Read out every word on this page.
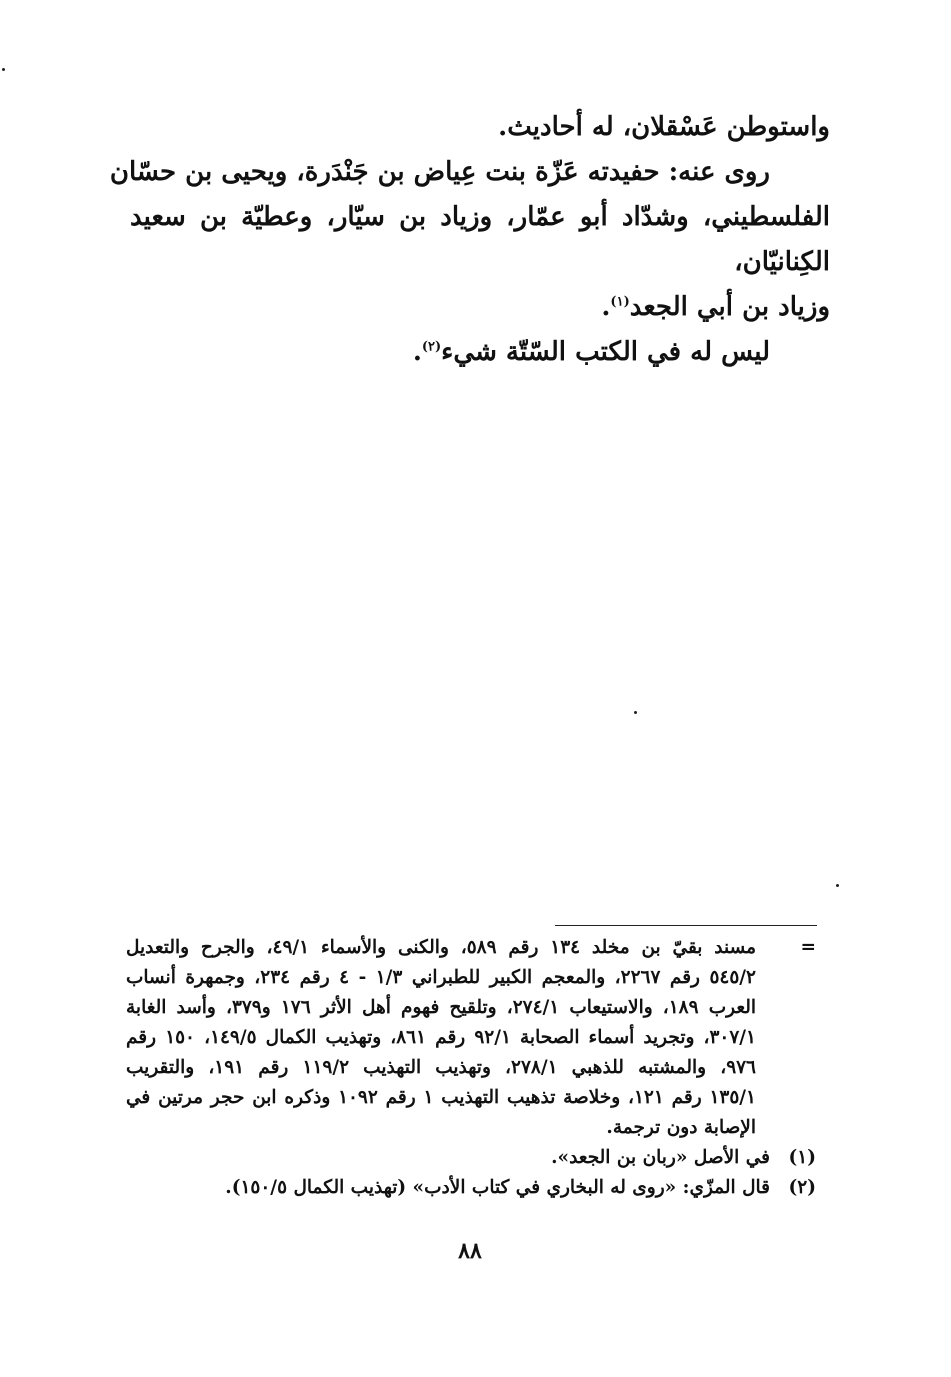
واستوطن عَسْقلان، له أحاديث.

روى عنه: حفيدته عَزّة بنت عِياض بن جَنْدَرة، ويحيى بن حسّان

الفلسطيني، وشدّاد أبو عمّار، وزياد بن سيّار، وعطيّة بن سعيد الكِنانيّان،

وزياد بن أبي الجعد$^{(١)}$.

ليس له في الكتب السّتّة شيء$^{(٢)}$.

=

مسند بقيّ بن مخلد ١٣٤ رقم ٥٨٩، والكنى والأسماء ٤٩/١، والجرح والتعديل

٥٤٥/٢ رقم ٢٢٦٧، والمعجم الكبير للطبراني ١/٣ - ٤ رقم ٢٣٤، وجمهرة أنساب

العرب ١٨٩، والاستيعاب ٢٧٤/١، وتلقيح فهوم أهل الأثر ١٧٦ و٣٧٩، وأسد الغابة

٣٠٧/١، وتجريد أسماء الصحابة ٩٢/١ رقم ٨٦١، وتهذيب الكمال ١٤٩/٥، ١٥٠ رقم

٩٧٦، والمشتبه للذهبي ٢٧٨/١، وتهذيب التهذيب ١١٩/٢ رقم ١٩١، والتقريب

١٣٥/١ رقم ١٢١، وخلاصة تذهيب التهذيب ١ رقم ١٠٩٢ وذكره ابن حجر مرتين في

الإصابة دون ترجمة.

(١)في الأصل «ربان بن الجعد».

(٢)قال المزّي: «روى له البخاري في كتاب الأدب» (تهذيب الكمال ١٥٠/٥).

٨٨
